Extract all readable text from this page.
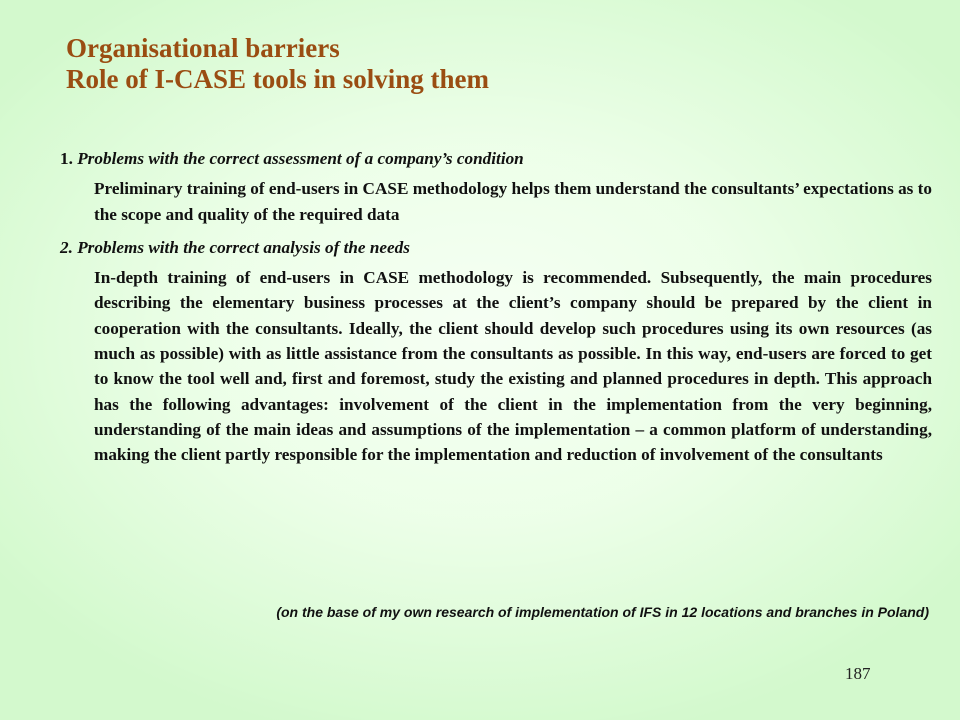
Organisational barriers
Role of I-CASE tools in solving them
1. Problems with the correct assessment of a company’s condition
Preliminary training of end-users in CASE methodology helps them understand the consultants’ expectations as to the scope and quality of the required data
2. Problems with the correct analysis of the needs
In-depth training of end-users in CASE methodology is recommended. Subsequently, the main procedures describing the elementary business processes at the client’s company should be prepared by the client in cooperation with the consultants. Ideally, the client should develop such procedures using its own resources (as much as possible) with as little assistance from the consultants as possible. In this way, end-users are forced to get to know the tool well and, first and foremost, study the existing and planned procedures in depth. This approach has the following advantages: involvement of the client in the implementation from the very beginning, understanding of the main ideas and assumptions of the implementation – a common platform of understanding, making the client partly responsible for the implementation and reduction of involvement of the consultants
(on the base of my own research of implementation of IFS in 12 locations and branches in Poland)
187
